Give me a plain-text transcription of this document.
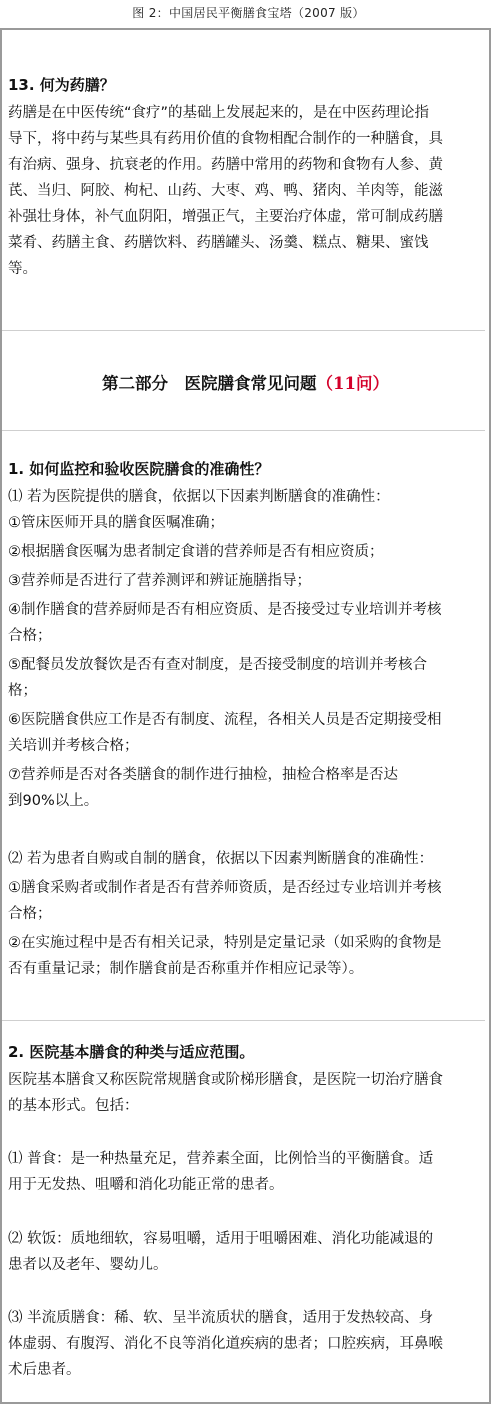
图 2：中国居民平衡膳食宝塔（2007 版）
13. 何为药膳？
药膳是在中医传统“食疗”的基础上发展起来的，是在中医药理论指
导下，将中药与某些具有药用价值的食物相配合制作的一种膳食，具
有治病、强身、抗衰老的作用。药膳中常用的药物和食物有人参、黄
芪、当归、阿胶、枸杞、山药、大枣、鸡、鸭、猪肉、羊肉等，能滋
补强壮身体，补气血阴阳，增强正气，主要治疗体虚，常可制成药膳
菜肴、药膳主食、药膳饮料、药膳罐头、汤羹、糕点、糖果、蜜饯
等。
第二部分　医院膳食常见问题（11问）
1. 如何监控和验收医院膳食的准确性？
⑴ 若为医院提供的膳食，依据以下因素判断膳食的准确性：
①管床医师开具的膳食医嘱准确；
②根据膳食医嘱为患者制定食谱的营养师是否有相应资质；
③营养师是否进行了营养测评和辨证施膳指导；
④制作膳食的营养厨师是否有相应资质、是否接受过专业培训并考核
合格；
⑤配餐员发放餐饮是否有查对制度，是否接受制度的培训并考核合
格；
⑥医院膳食供应工作是否有制度、流程，各相关人员是否定期接受相
关培训并考核合格；
⑦营养师是否对各类膳食的制作进行抽检，抽检合格率是否达
到90%以上。
⑵ 若为患者自购或自制的膳食，依据以下因素判断膳食的准确性：
①膳食采购者或制作者是否有营养师资质，是否经过专业培训并考核
合格；
②在实施过程中是否有相关记录，特别是定量记录（如采购的食物是
否有重量记录；制作膳食前是否称重并作相应记录等）。
2. 医院基本膳食的种类与适应范围。
医院基本膳食又称医院常规膳食或阶梯形膳食，是医院一切治疗膳食
的基本形式。包括：
⑴ 普食：是一种热量充足，营养素全面，比例恰当的平衡膳食。适
用于无发热、咀嚼和消化功能正常的患者。
⑵ 软饭：质地细软，容易咀嚼，适用于咀嚼困难、消化功能减退的
患者以及老年、婴幼儿。
⑶ 半流质膳食：稀、软、呈半流质状的膳食，适用于发热较高、身
体虚弱、有腹泻、消化不良等消化道疾病的患者；口腔疾病，耳鼻喉
术后患者。
